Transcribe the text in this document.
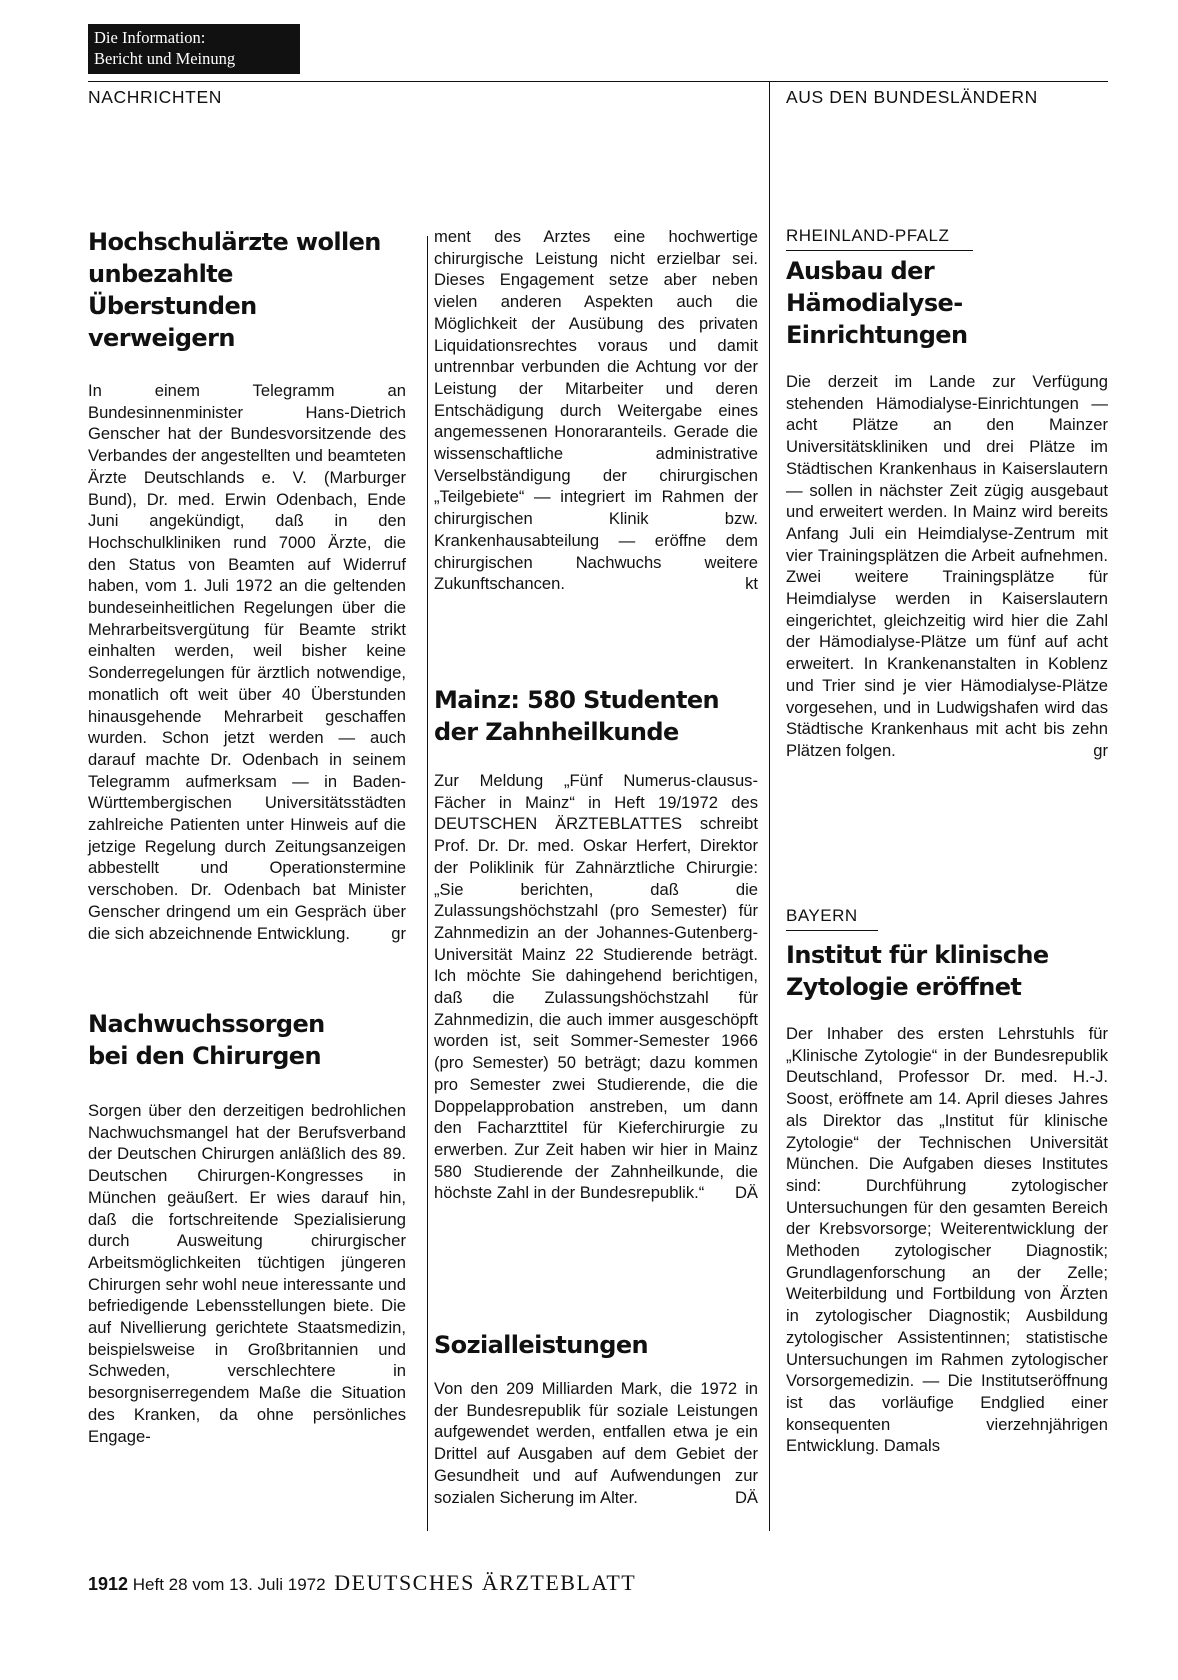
Die Information:
Bericht und Meinung
NACHRICHTEN	AUS DEN BUNDESLÄNDERN
Hochschulärzte wollen unbezahlte Überstunden verweigern

In einem Telegramm an Bundesinnenminister Hans-Dietrich Genscher hat der Bundesvorsitzende des Verbandes der angestellten und beamteten Ärzte Deutschlands e. V. (Marburger Bund), Dr. med. Erwin Odenbach, Ende Juni angekündigt, daß in den Hochschulkliniken rund 7000 Ärzte, die den Status von Beamten auf Widerruf haben, vom 1. Juli 1972 an die geltenden bundeseinheitlichen Regelungen über die Mehrarbeitsvergütung für Beamte strikt einhalten werden, weil bisher keine Sonderregelungen für ärztlich notwendige, monatlich oft weit über 40 Überstunden hinausgehende Mehrarbeit geschaffen wurden. Schon jetzt werden — auch darauf machte Dr. Odenbach in seinem Telegramm aufmerksam — in Baden-Württembergischen Universitätsstädten zahlreiche Patienten unter Hinweis auf die jetzige Regelung durch Zeitungsanzeigen abbestellt und Operationstermine verschoben. Dr. Odenbach bat Minister Genscher dringend um ein Gespräch über die sich abzeichnende Entwicklung. gr

Nachwuchssorgen bei den Chirurgen

Sorgen über den derzeitigen bedrohlichen Nachwuchsmangel hat der Berufsverband der Deutschen Chirurgen anläßlich des 89. Deutschen Chirurgen-Kongresses in München geäußert. Er wies darauf hin, daß die fortschreitende Spezialisierung durch Ausweitung chirurgischer Arbeitsmöglichkeiten tüchtigen jüngeren Chirurgen sehr wohl neue interessante und befriedigende Lebensstellungen biete. Die auf Nivellierung gerichtete Staatsmedizin, beispielsweise in Großbritannien und Schweden, verschlechtere in besorgniserregendem Maße die Situation des Kranken, da ohne persönliches Engage-

ment des Arztes eine hochwertige chirurgische Leistung nicht erzielbar sei. Dieses Engagement setze aber neben vielen anderen Aspekten auch die Möglichkeit der Ausübung des privaten Liquidationsrechtes voraus und damit untrennbar verbunden die Achtung vor der Leistung der Mitarbeiter und deren Entschädigung durch Weitergabe eines angemessenen Honoraranteils. Gerade die wissenschaftliche administrative Verselbständigung der chirurgischen „Teilgebiete“ — integriert im Rahmen der chirurgischen Klinik bzw. Krankenhausabteilung — eröffne dem chirurgischen Nachwuchs weitere Zukunftschancen.	kt

Mainz: 580 Studenten der Zahnheilkunde

Zur Meldung „Fünf Numerus-clausus-Fächer in Mainz“ in Heft 19/1972 des DEUTSCHEN ÄRZTEBLATTES schreibt Prof. Dr. Dr. med. Oskar Herfert, Direktor der Poliklinik für Zahnärztliche Chirurgie: „Sie berichten, daß die Zulassungshöchstzahl (pro Semester) für Zahnmedizin an der Johannes-Gutenberg-Universität Mainz 22 Studierende beträgt. Ich möchte Sie dahingehend berichtigen, daß die Zulassungshöchstzahl für Zahnmedizin, die auch immer ausgeschöpft worden ist, seit Sommer-Semester 1966 (pro Semester) 50 beträgt; dazu kommen pro Semester zwei Studierende, die die Doppelapprobation anstreben, um dann den Facharzttitel für Kieferchirurgie zu erwerben. Zur Zeit haben wir hier in Mainz 580 Studierende der Zahnheilkunde, die höchste Zahl in der Bundesrepublik.“ DÄ

Sozialleistungen

Von den 209 Milliarden Mark, die 1972 in der Bundesrepublik für soziale Leistungen aufgewendet werden, entfallen etwa je ein Drittel auf Ausgaben auf dem Gebiet der Gesundheit und auf Aufwendungen zur sozialen Sicherung im Alter.	DÄ

RHEINLAND-PFALZ
Ausbau der Hämodialyse-Einrichtungen

Die derzeit im Lande zur Verfügung stehenden Hämodialyse-Einrichtungen — acht Plätze an den Mainzer Universitätskliniken und drei Plätze im Städtischen Krankenhaus in Kaiserslautern — sollen in nächster Zeit zügig ausgebaut und erweitert werden. In Mainz wird bereits Anfang Juli ein Heimdialyse-Zentrum mit vier Trainingsplätzen die Arbeit aufnehmen. Zwei weitere Trainingsplätze für Heimdialyse werden in Kaiserslautern eingerichtet, gleichzeitig wird hier die Zahl der Hämodialyse-Plätze um fünf auf acht erweitert. In Krankenanstalten in Koblenz und Trier sind je vier Hämodialyse-Plätze vorgesehen, und in Ludwigshafen wird das Städtische Krankenhaus mit acht bis zehn Plätzen folgen.	gr

BAYERN
Institut für klinische Zytologie eröffnet

Der Inhaber des ersten Lehrstuhls für „Klinische Zytologie“ in der Bundesrepublik Deutschland, Professor Dr. med. H.-J. Soost, eröffnete am 14. April dieses Jahres als Direktor das „Institut für klinische Zytologie“ der Technischen Universität München. Die Aufgaben dieses Institutes sind: Durchführung zytologischer Untersuchungen für den gesamten Bereich der Krebsvorsorge; Weiterentwicklung der Methoden zytologischer Diagnostik; Grundlagenforschung an der Zelle; Weiterbildung und Fortbildung von Ärzten in zytologischer Diagnostik; Ausbildung zytologischer Assistentinnen; statistische Untersuchungen im Rahmen zytologischer Vorsorgemedizin. — Die Institutseröffnung ist das vorläufige Endglied einer konsequenten vierzehnjährigen Entwicklung. Damals

1912 Heft 28 vom 13. Juli 1972 DEUTSCHES ÄRZTEBLATT
